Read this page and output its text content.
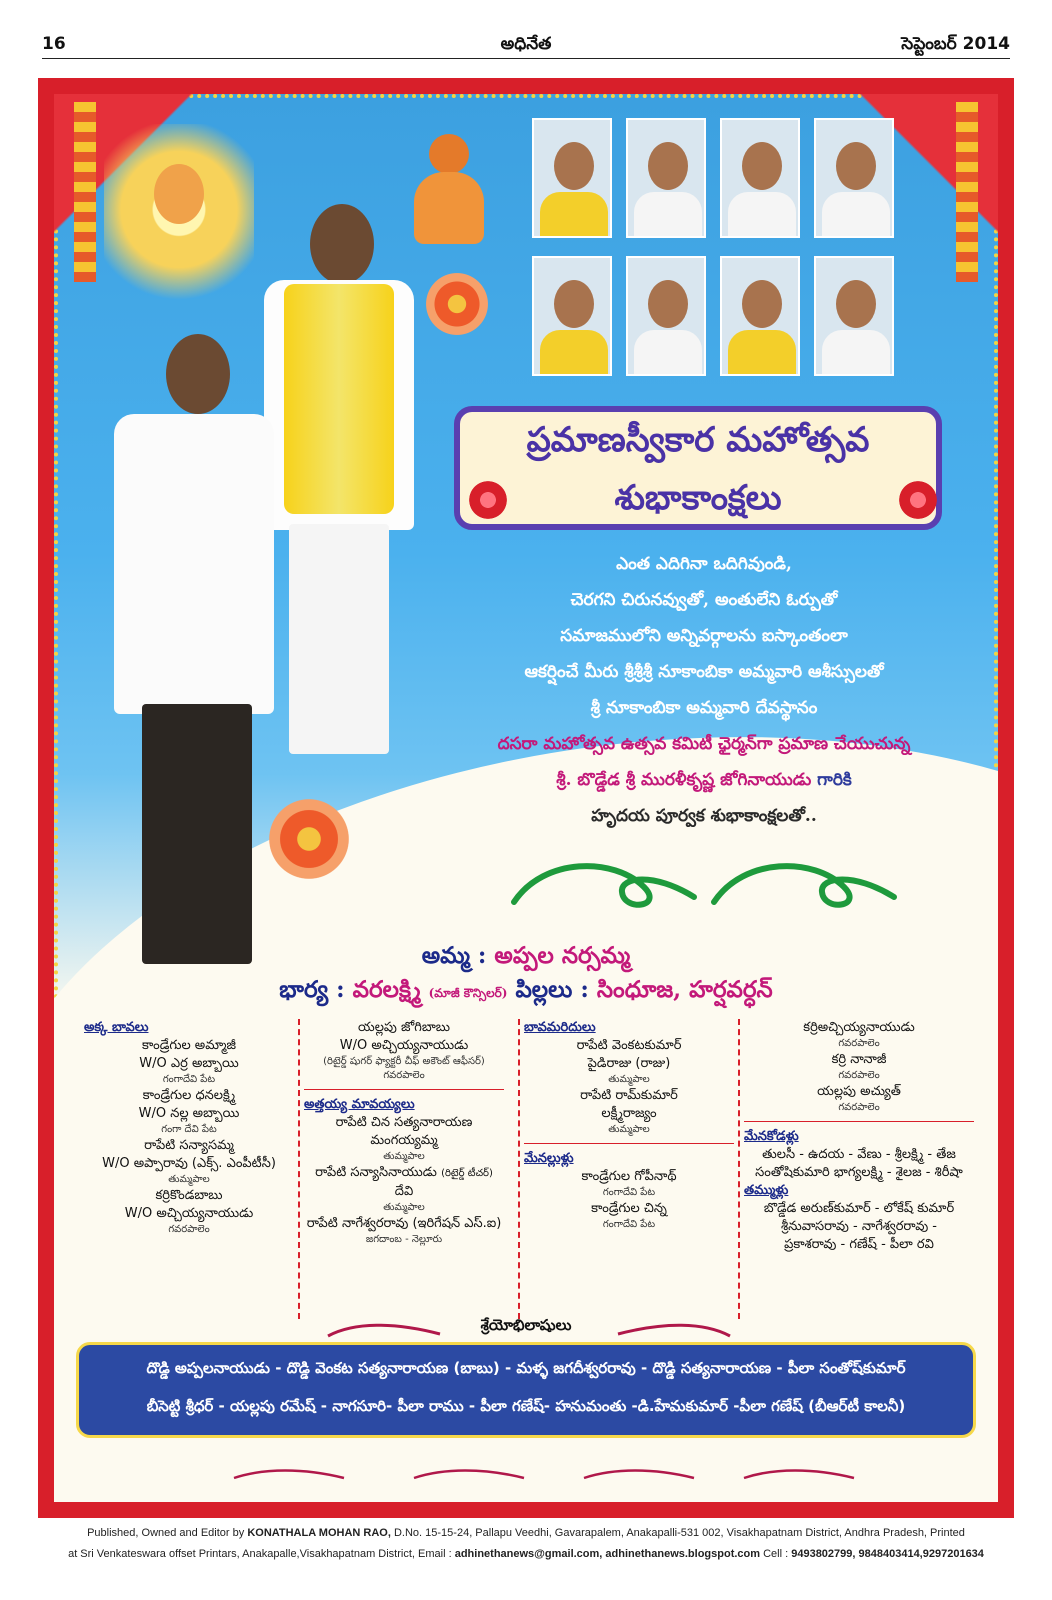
16	అధినేత	సెప్టెంబర్ 2014
ప్రమాణస్వీకార మహోత్సవ
శుభాకాంక్షలు
ఎంత ఎదిగినా ఒదిగివుండి,
చెరగని చిరునవ్వుతో, అంతులేని ఓర్పుతో
సమాజములోని అన్నివర్గాలను ఐస్కాంతంలా
ఆకర్షించే మీరు శ్రీశ్రీశ్రీ నూకాంబికా అమ్మవారి ఆశీస్సులతో
శ్రీ నూకాంబికా అమ్మవారి దేవస్థానం
దసరా మహోత్సవ ఉత్సవ కమిటీ ఛైర్మన్‌గా ప్రమాణ చేయుచున్న
శ్రీ. బొడ్డేడ శ్రీ మురళీకృష్ణ జోగినాయుడు గారికి
హృదయ పూర్వక శుభాకాంక్షలతో..
అమ్మ : అప్పల నర్సమ్మ
భార్య : వరలక్ష్మి (మాజీ కౌన్సిలర్) పిల్లలు : సింధూజ, హర్షవర్ధన్
అక్క బావలు
కాండ్రేగుల అమ్మాజీ
W/O ఎర్ర అబ్బాయి
గంగాదేవి పేట
కాండ్రేగుల ధనలక్ష్మి
W/O నల్ల అబ్బాయి
గంగా దేవి పేట
రాపేటి సన్యాసమ్మ
W/O అప్పారావు (ఎక్స్. ఎంపీటీసీ)
తుమ్మపాల
కర్రికొండబాబు
W/O అచ్చియ్యనాయుడు
గవరపాలెం
యల్లపు జోగిబాబు
W/O అచ్చియ్యనాయుడు
(రిటైర్డ్ షుగర్ ఫ్యాక్టరీ చీఫ్ అకౌంట్ ఆఫీసర్)
గవరపాలెం
అత్తయ్య మావయ్యలు
రాపేటి చిన సత్యనారాయణ
మంగయ్యమ్మ
తుమ్మపాల
రాపేటి సన్యాసినాయుడు (రిటైర్డ్ టీచర్)
దేవి
తుమ్మపాల
రాపేటి నాగేశ్వరరావు (ఇరిగేషన్ ఎస్.ఐ)
జగదాంబ - నెల్లూరు
బావమరిదులు
రాపేటి వెంకటకుమార్
పైడిరాజు (రాజు)
తుమ్మపాల
రాపేటి రామ్‌కుమార్
లక్ష్మీరాజ్యం
తుమ్మపాల
మేనల్లుళ్లు
కాండ్రేగుల గోపీనాథ్
గంగాదేవి పేట
కాండ్రేగుల చిన్న
గంగాదేవి పేట
కర్రిఅచ్చియ్యనాయుడు
గవరపాలెం
కర్రి నానాజీ
గవరపాలెం
యల్లపు అచ్యుత్
గవరపాలెం
మేనకోడళ్లు
తులసీ - ఉదయ - వేణు - శ్రీలక్ష్మి - తేజ
సంతోషికుమారి భాగ్యలక్ష్మి - శైలజ - శిరీషా
తమ్ముళ్లు
బొడ్డేడ అరుణ్‌కుమార్ - లోకేష్ కుమార్
శ్రీనువాసరావు - నాగేశ్వరరావు -
ప్రకాశరావు - గణేష్ - పీలా రవి
శ్రేయోభిలాషులు
దొడ్డి అప్పలనాయుడు - దొడ్డి వెంకట సత్యనారాయణ (బాబు) - మళ్ళ జగదీశ్వరరావు - దొడ్డి సత్యనారాయణ - పీలా సంతోష్‌కుమార్
బీసెట్టి శ్రీధర్ - యల్లపు రమేష్ - నాగసూరి- పీలా రాము - పీలా గణేష్- హనుమంతు -డి.హేమకుమార్ -పీలా గణేష్ (బీఆర్‌టీ కాలనీ)
Published, Owned and Editor by KONATHALA MOHAN RAO, D.No. 15-15-24, Pallapu Veedhi, Gavarapalem, Anakapalli-531 002, Visakhapatnam District, Andhra Pradesh, Printed
at Sri Venkateswara offset Printars, Anakapalle,Visakhapatnam District, Email : adhinethanews@gmail.com, adhinethanews.blogspot.com Cell : 9493802799, 9848403414,9297201634
